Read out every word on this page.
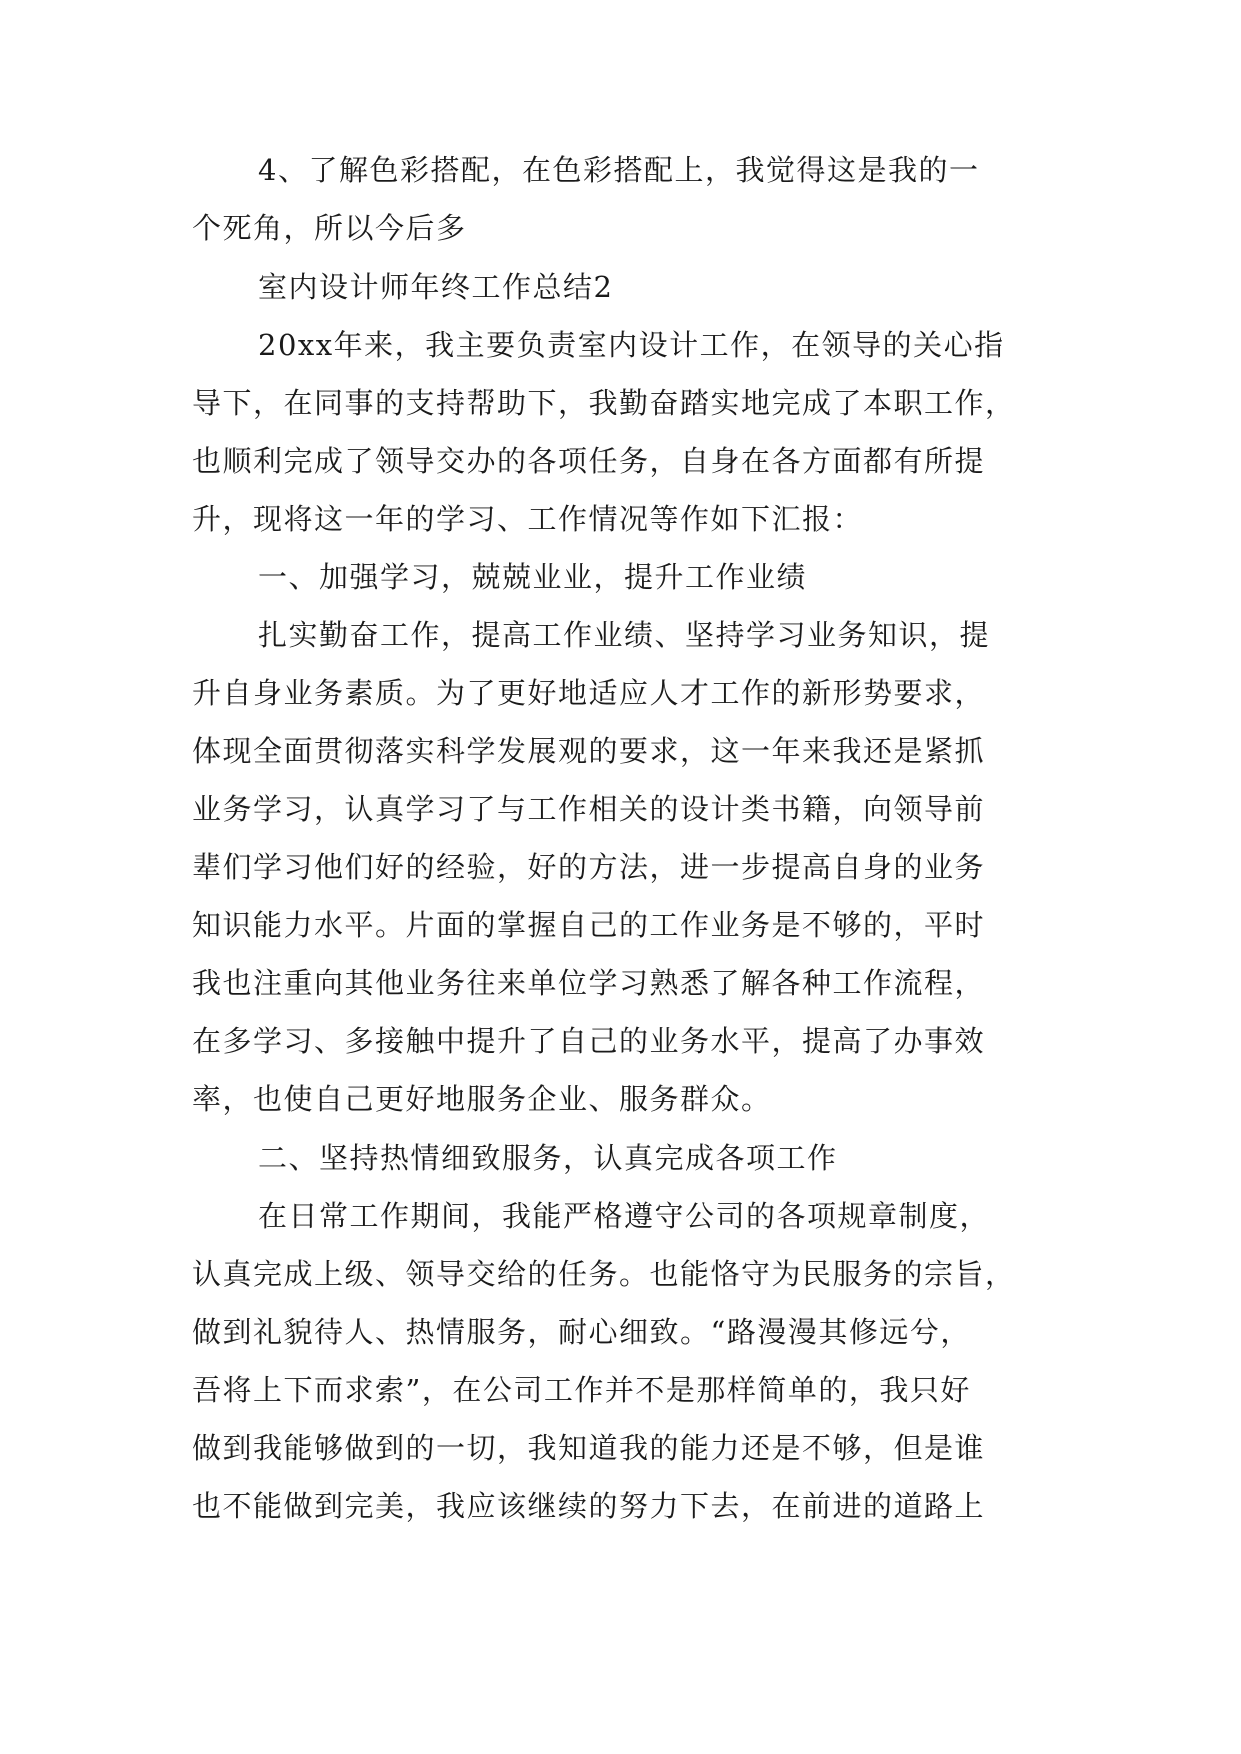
4、了解色彩搭配，在色彩搭配上，我觉得这是我的一
个死角，所以今后多
室内设计师年终工作总结2
20xx年来，我主要负责室内设计工作，在领导的关心指
导下，在同事的支持帮助下，我勤奋踏实地完成了本职工作，
也顺利完成了领导交办的各项任务，自身在各方面都有所提
升，现将这一年的学习、工作情况等作如下汇报：
一、加强学习，兢兢业业，提升工作业绩
扎实勤奋工作，提高工作业绩、坚持学习业务知识，提
升自身业务素质。为了更好地适应人才工作的新形势要求，
体现全面贯彻落实科学发展观的要求，这一年来我还是紧抓
业务学习，认真学习了与工作相关的设计类书籍，向领导前
辈们学习他们好的经验，好的方法，进一步提高自身的业务
知识能力水平。片面的掌握自己的工作业务是不够的，平时
我也注重向其他业务往来单位学习熟悉了解各种工作流程，
在多学习、多接触中提升了自己的业务水平，提高了办事效
率，也使自己更好地服务企业、服务群众。
二、坚持热情细致服务，认真完成各项工作
在日常工作期间，我能严格遵守公司的各项规章制度，
认真完成上级、领导交给的任务。也能恪守为民服务的宗旨，
做到礼貌待人、热情服务，耐心细致。“路漫漫其修远兮，
吾将上下而求索”，在公司工作并不是那样简单的，我只好
做到我能够做到的一切，我知道我的能力还是不够，但是谁
也不能做到完美，我应该继续的努力下去，在前进的道路上
